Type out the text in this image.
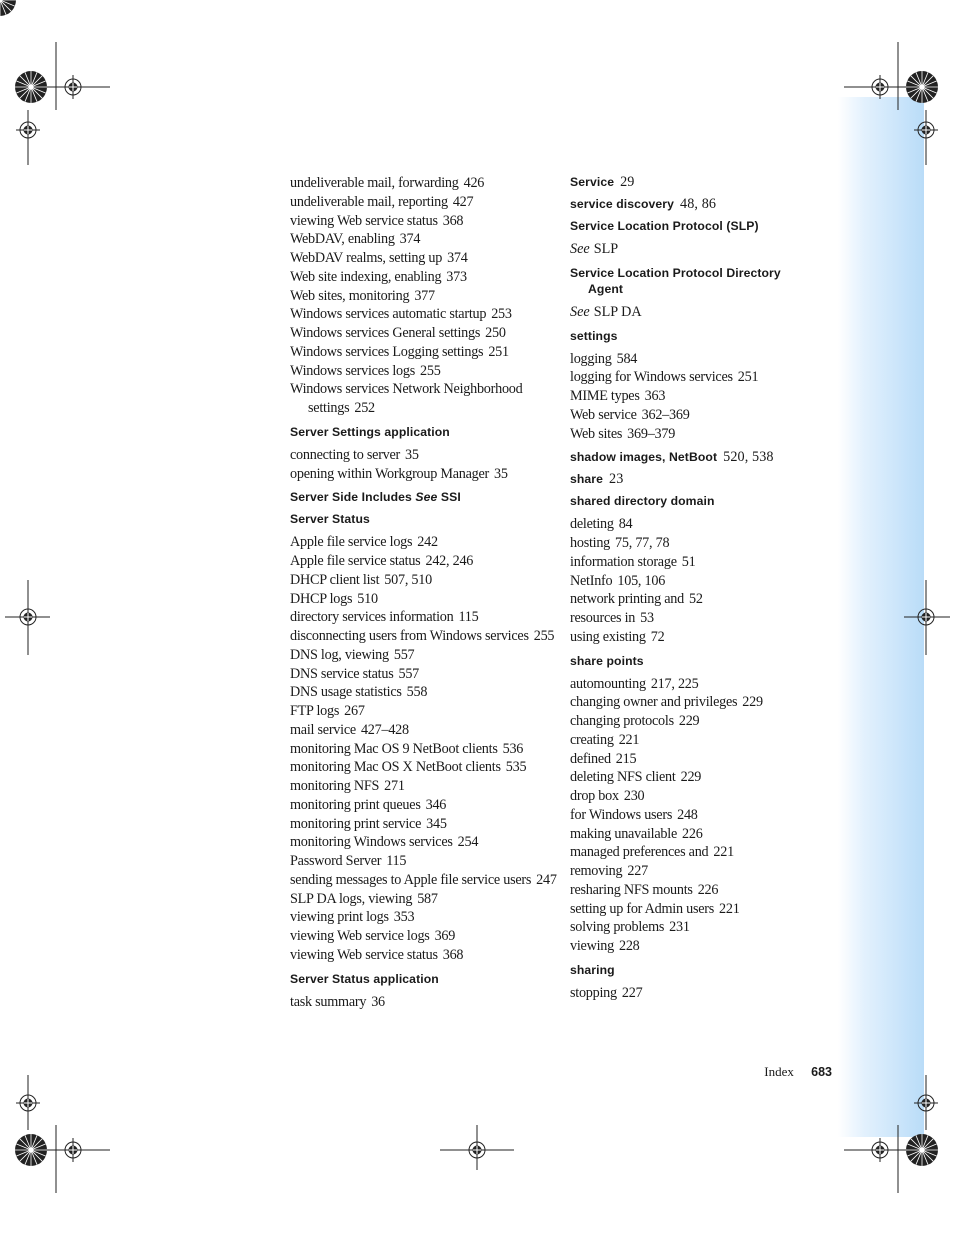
undeliverable mail, forwarding 426
undeliverable mail, reporting 427
viewing Web service status 368
WebDAV, enabling 374
WebDAV realms, setting up 374
Web site indexing, enabling 373
Web sites, monitoring 377
Windows services automatic startup 253
Windows services General settings 250
Windows services Logging settings 251
Windows services logs 255
Windows services Network Neighborhood
settings 252
Server Settings application
connecting to server 35
opening within Workgroup Manager 35
Server Side Includes See SSI
Server Status
Apple file service logs 242
Apple file service status 242, 246
DHCP client list 507, 510
DHCP logs 510
directory services information 115
disconnecting users from Windows services 255
DNS log, viewing 557
DNS service status 557
DNS usage statistics 558
FTP logs 267
mail service 427–428
monitoring Mac OS 9 NetBoot clients 536
monitoring Mac OS X NetBoot clients 535
monitoring NFS 271
monitoring print queues 346
monitoring print service 345
monitoring Windows services 254
Password Server 115
sending messages to Apple file service users 247
SLP DA logs, viewing 587
viewing print logs 353
viewing Web service logs 369
viewing Web service status 368
Server Status application
task summary 36
Service 29
service discovery 48, 86
Service Location Protocol (SLP)
See SLP
Service Location Protocol Directory
Agent
See SLP DA
settings
logging 584
logging for Windows services 251
MIME types 363
Web service 362–369
Web sites 369–379
shadow images, NetBoot 520, 538
share 23
shared directory domain
deleting 84
hosting 75, 77, 78
information storage 51
NetInfo 105, 106
network printing and 52
resources in 53
using existing 72
share points
automounting 217, 225
changing owner and privileges 229
changing protocols 229
creating 221
defined 215
deleting NFS client 229
drop box 230
for Windows users 248
making unavailable 226
managed preferences and 221
removing 227
resharing NFS mounts 226
setting up for Admin users 221
solving problems 231
viewing 228
sharing
stopping 227
Index 683
